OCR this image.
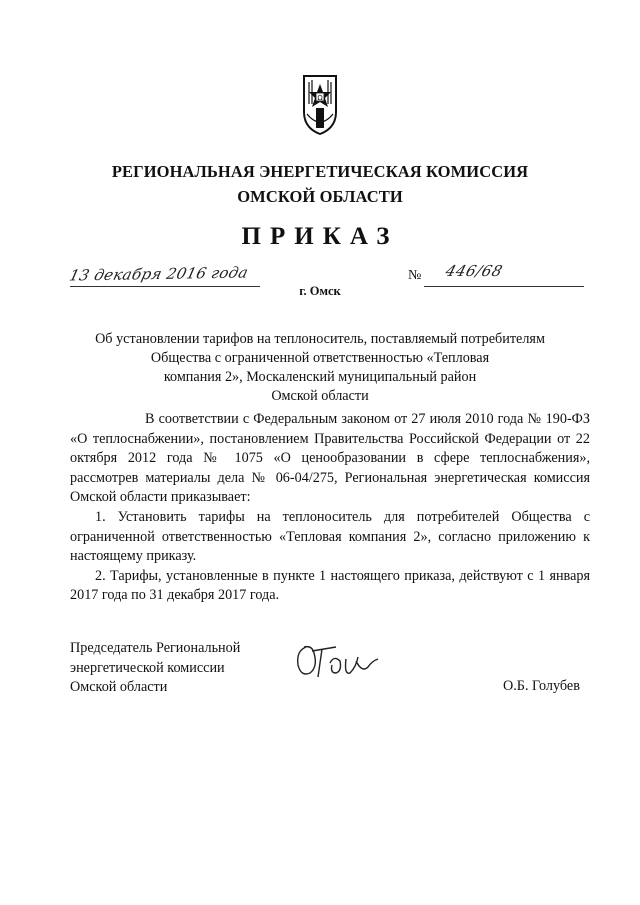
Ω
РЕГИОНАЛЬНАЯ ЭНЕРГЕТИЧЕСКАЯ КОМИССИЯ
ОМСКОЙ ОБЛАСТИ
ПРИКАЗ
13 декабря 2016 года	№ 446/68
г. Омск
Об установлении тарифов на теплоноситель, поставляемый потребителям
Общества с ограниченной ответственностью «Тепловая
компания 2», Москаленский муниципальный район
Омской области

В соответствии с Федеральным законом от 27 июля 2010 года № 190-ФЗ «О теплоснабжении», постановлением Правительства Российской Федерации от 22 октября 2012 года № 1075 «О ценообразовании в сфере теплоснабжения», рассмотрев материалы дела № 06-04/275, Региональная энергетическая комиссия Омской области приказывает:

1. Установить тарифы на теплоноситель для потребителей Общества с ограниченной ответственностью «Тепловая компания 2», согласно приложению к настоящему приказу.

2. Тарифы, установленные в пункте 1 настоящего приказа, действуют с 1 января 2017 года по 31 декабря 2017 года.

Председатель Региональной
энергетической комиссии
Омской области	О.Б. Голубев
